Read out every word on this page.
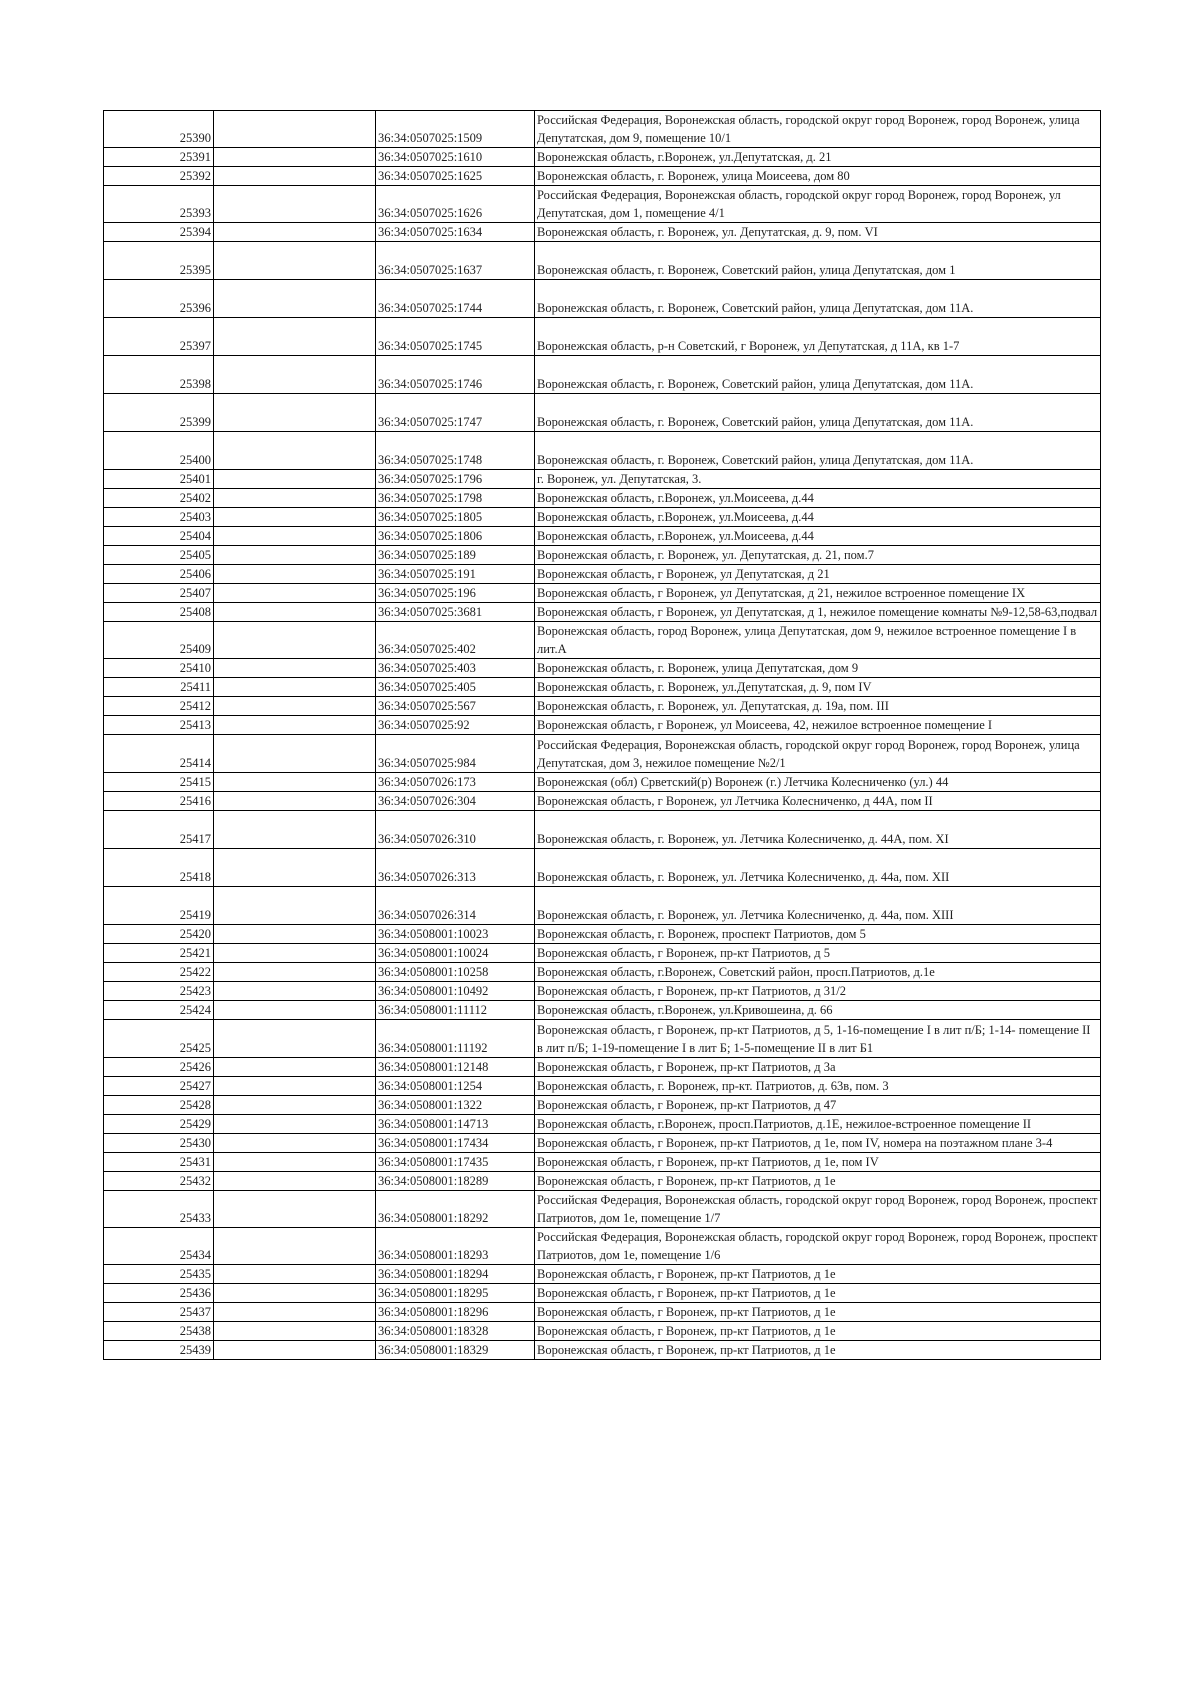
25390		36:34:0507025:1509	Российская Федерация, Воронежская область, городской округ город Воронеж, город Воронеж, улица Депутатская, дом 9, помещение 10/1
25391		36:34:0507025:1610	Воронежская область, г.Воронеж, ул.Депутатская, д. 21
25392		36:34:0507025:1625	Воронежская область, г. Воронеж, улица Моисеева, дом 80
25393		36:34:0507025:1626	Российская Федерация, Воронежская область, городской округ город Воронеж, город Воронеж, ул Депутатская, дом 1, помещение 4/1
25394		36:34:0507025:1634	Воронежская область, г. Воронеж, ул. Депутатская, д. 9, пом. VI
25395		36:34:0507025:1637	Воронежская область, г. Воронеж, Советский район, улица Депутатская, дом 1
25396		36:34:0507025:1744	Воронежская область, г. Воронеж, Советский район, улица Депутатская, дом 11А.
25397		36:34:0507025:1745	Воронежская область, р-н Советский, г Воронеж, ул Депутатская, д 11А, кв 1-7
25398		36:34:0507025:1746	Воронежская область, г. Воронеж, Советский район, улица Депутатская, дом 11А.
25399		36:34:0507025:1747	Воронежская область, г. Воронеж, Советский район, улица Депутатская, дом 11А.
25400		36:34:0507025:1748	Воронежская область, г. Воронеж, Советский район, улица Депутатская, дом 11А.
25401		36:34:0507025:1796	г. Воронеж, ул. Депутатская, 3.
25402		36:34:0507025:1798	Воронежская область, г.Воронеж, ул.Моисеева, д.44
25403		36:34:0507025:1805	Воронежская область, г.Воронеж, ул.Моисеева, д.44
25404		36:34:0507025:1806	Воронежская область, г.Воронеж, ул.Моисеева, д.44
25405		36:34:0507025:189	Воронежская область, г. Воронеж, ул. Депутатская, д. 21, пом.7
25406		36:34:0507025:191	Воронежская область, г Воронеж, ул Депутатская, д 21
25407		36:34:0507025:196	Воронежская область, г Воронеж, ул Депутатская, д 21, нежилое встроенное помещение IX
25408		36:34:0507025:3681	Воронежская область, г Воронеж, ул Депутатская, д 1, нежилое помещение комнаты №9-12,58-63,подвал
25409		36:34:0507025:402	Воронежская область, город Воронеж, улица Депутатская, дом 9, нежилое встроенное помещение I в лит.А
25410		36:34:0507025:403	Воронежская область, г. Воронеж, улица Депутатская, дом 9
25411		36:34:0507025:405	Воронежская область, г. Воронеж, ул.Депутатская, д. 9, пом IV
25412		36:34:0507025:567	Воронежская область, г. Воронеж, ул. Депутатская, д. 19а, пом. III
25413		36:34:0507025:92	Воронежская область, г Воронеж, ул Моисеева, 42, нежилое встроенное помещение I
25414		36:34:0507025:984	Российская Федерация, Воронежская область, городской округ город Воронеж, город Воронеж, улица Депутатская, дом 3, нежилое помещение №2/1
25415		36:34:0507026:173	Воронежская (обл) Срветский(р) Воронеж (г.) Летчика Колесниченко (ул.) 44
25416		36:34:0507026:304	Воронежская область, г Воронеж, ул Летчика Колесниченко, д 44А, пом II
25417		36:34:0507026:310	Воронежская область, г. Воронеж, ул. Летчика Колесниченко, д. 44А, пом. XI
25418		36:34:0507026:313	Воронежская область, г. Воронеж, ул. Летчика Колесниченко, д. 44а, пом. XII
25419		36:34:0507026:314	Воронежская область, г. Воронеж, ул. Летчика Колесниченко, д. 44а, пом. XIII
25420		36:34:0508001:10023	Воронежская область, г. Воронеж, проспект Патриотов, дом 5
25421		36:34:0508001:10024	Воронежская область, г Воронеж, пр-кт Патриотов, д 5
25422		36:34:0508001:10258	Воронежская область, г.Воронеж, Советский район, просп.Патриотов, д.1е
25423		36:34:0508001:10492	Воронежская область, г Воронеж, пр-кт Патриотов, д 31/2
25424		36:34:0508001:11112	Воронежская область, г.Воронеж, ул.Кривошеина, д. 66
25425		36:34:0508001:11192	Воронежская область, г Воронеж, пр-кт Патриотов, д 5, 1-16-помещение I в лит п/Б; 1-14- помещение II в лит п/Б; 1-19-помещение I в лит Б; 1-5-помещение II в лит Б1
25426		36:34:0508001:12148	Воронежская область, г Воронеж, пр-кт Патриотов, д 3а
25427		36:34:0508001:1254	Воронежская область, г. Воронеж, пр-кт. Патриотов, д. 63в, пом. 3
25428		36:34:0508001:1322	Воронежская область, г Воронеж, пр-кт Патриотов, д 47
25429		36:34:0508001:14713	Воронежская область, г.Воронеж, просп.Патриотов, д.1Е, нежилое-встроенное помещение II
25430		36:34:0508001:17434	Воронежская область, г Воронеж, пр-кт Патриотов, д 1е, пом IV, номера на поэтажном плане 3-4
25431		36:34:0508001:17435	Воронежская область, г Воронеж, пр-кт Патриотов, д 1е, пом IV
25432		36:34:0508001:18289	Воронежская область, г Воронеж, пр-кт Патриотов, д 1е
25433		36:34:0508001:18292	Российская Федерация, Воронежская область, городской округ город Воронеж, город Воронеж, проспект Патриотов, дом 1е, помещение 1/7
25434		36:34:0508001:18293	Российская Федерация, Воронежская область, городской округ город Воронеж, город Воронеж, проспект Патриотов, дом 1е, помещение 1/6
25435		36:34:0508001:18294	Воронежская область, г Воронеж, пр-кт Патриотов, д 1е
25436		36:34:0508001:18295	Воронежская область, г Воронеж, пр-кт Патриотов, д 1е
25437		36:34:0508001:18296	Воронежская область, г Воронеж, пр-кт Патриотов, д 1е
25438		36:34:0508001:18328	Воронежская область, г Воронеж, пр-кт Патриотов, д 1е
25439		36:34:0508001:18329	Воронежская область, г Воронеж, пр-кт Патриотов, д 1е
